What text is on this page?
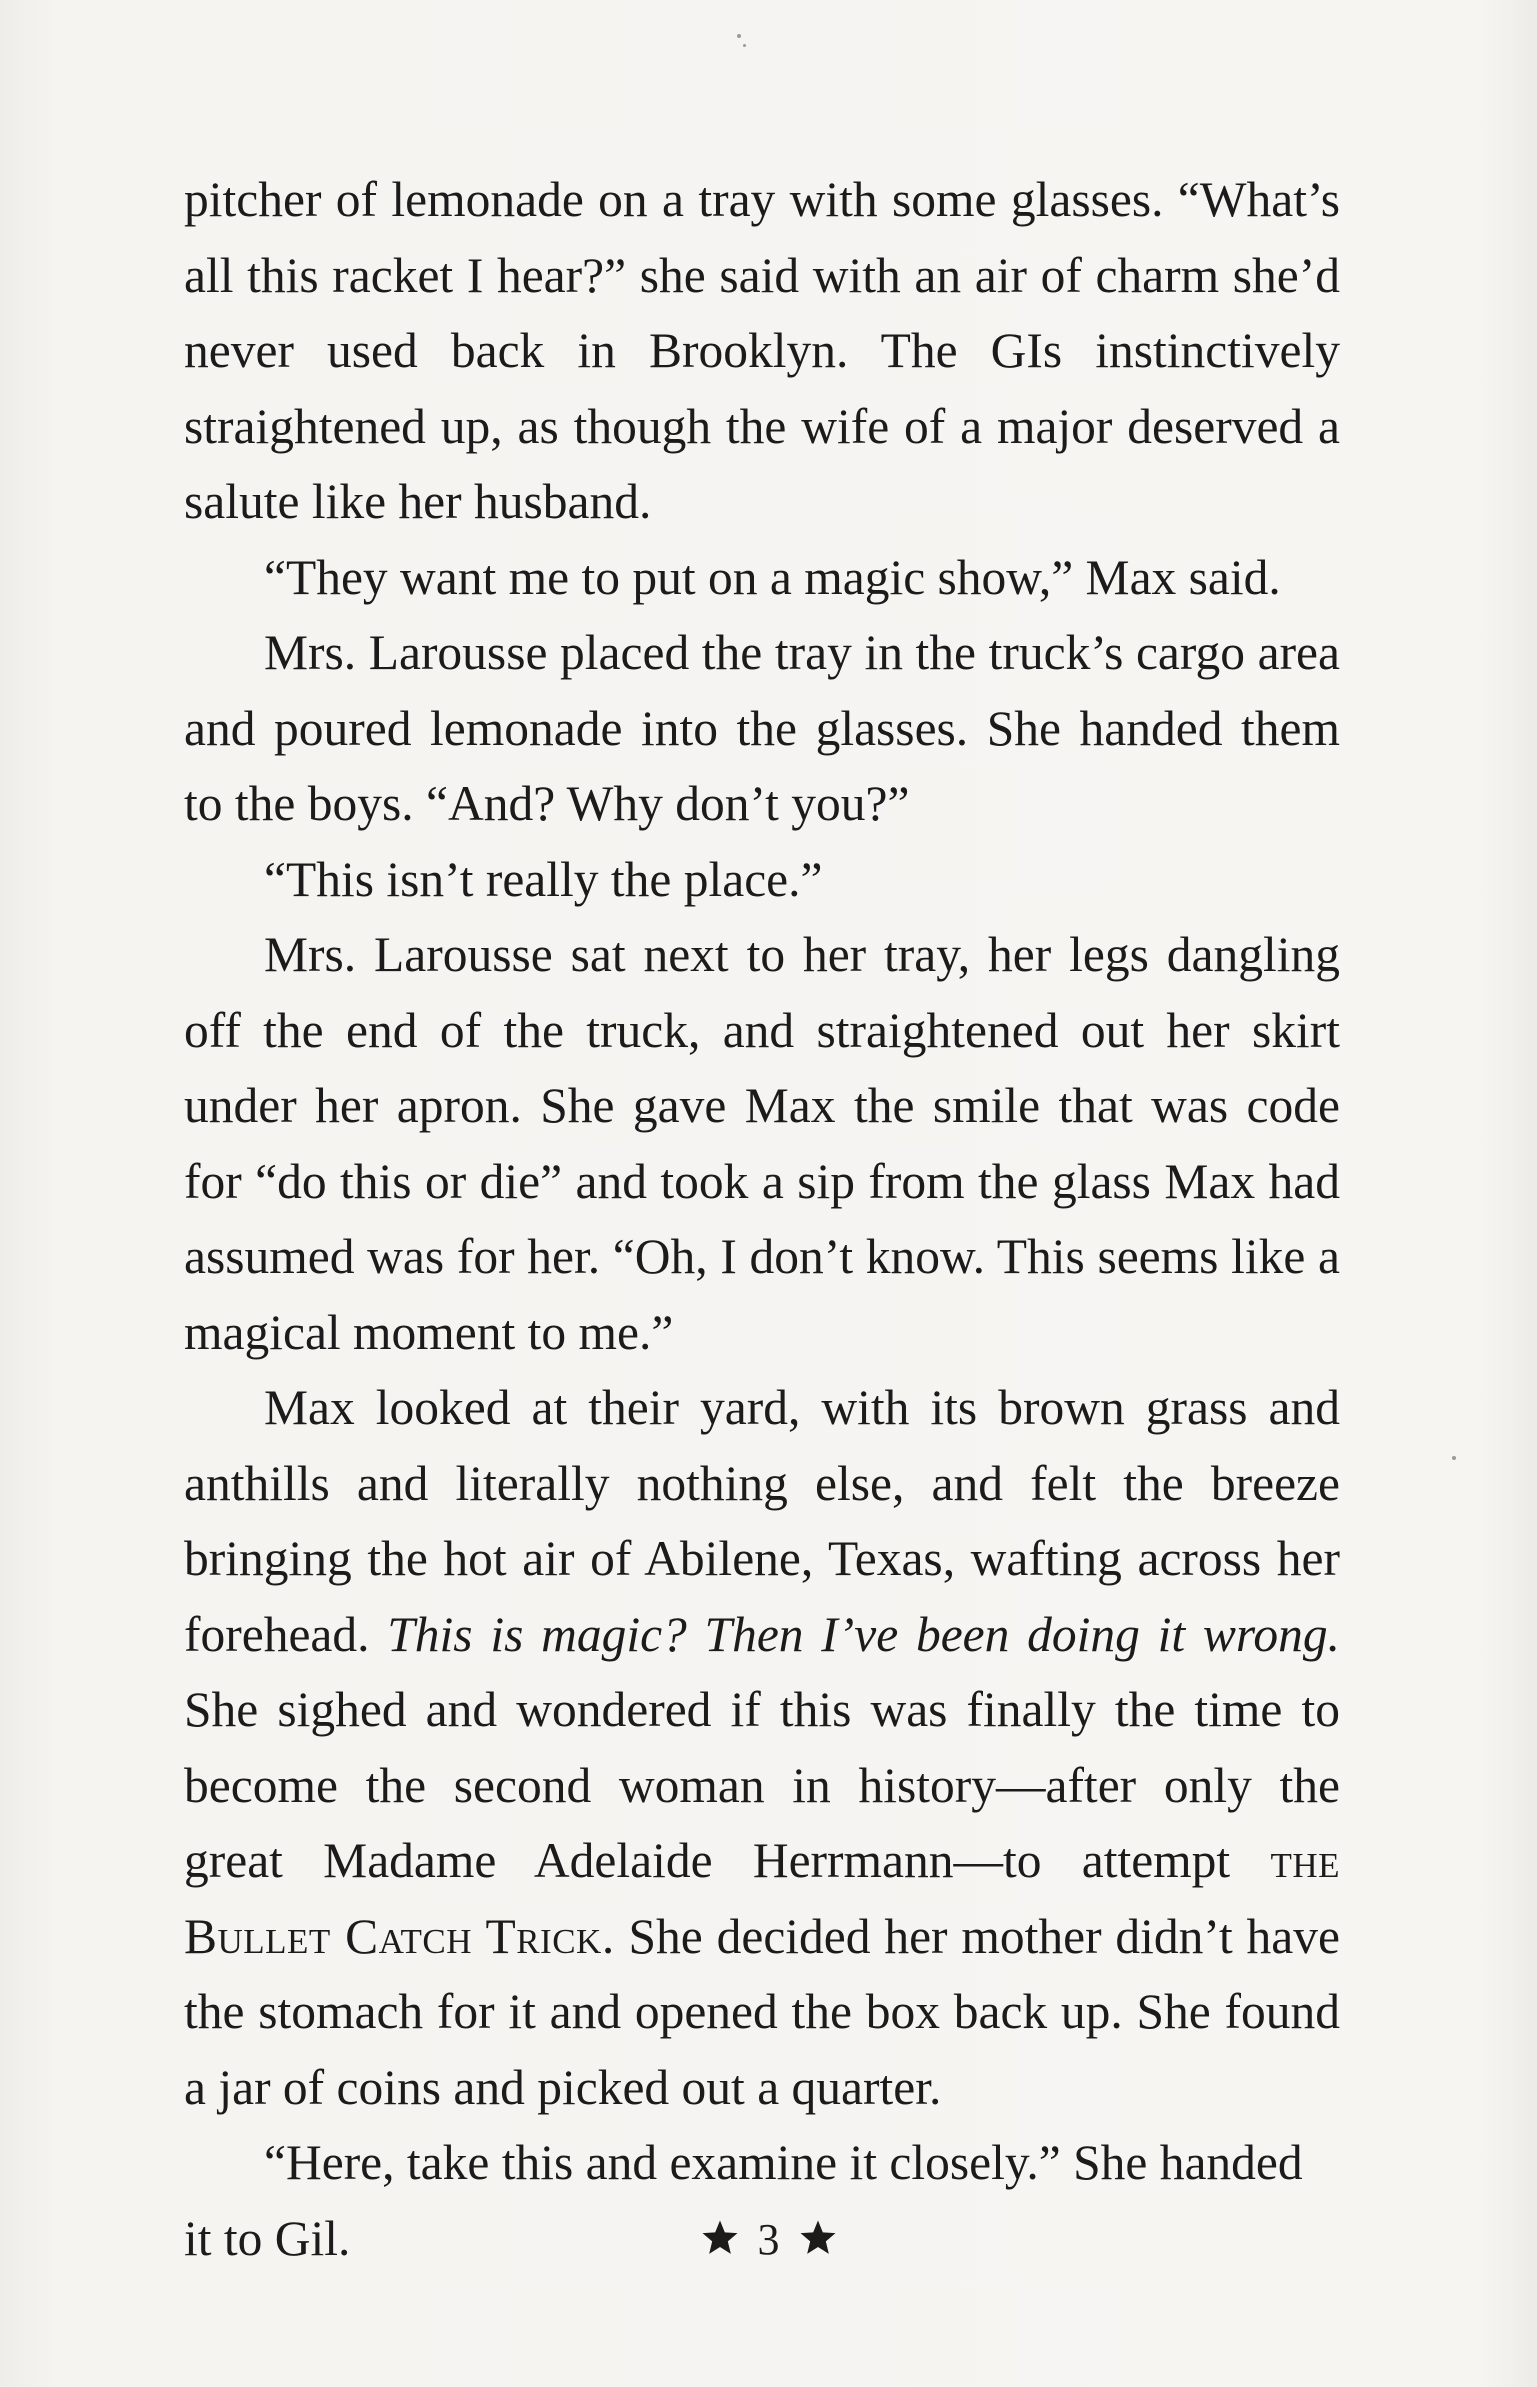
pitcher of lemonade on a tray with some glasses. “What’s all this racket I hear?” she said with an air of charm she’d never used back in Brooklyn. The GIs instinctively straightened up, as though the wife of a major deserved a salute like her husband.

“They want me to put on a magic show,” Max said.

Mrs. Larousse placed the tray in the truck’s cargo area and poured lemonade into the glasses. She handed them to the boys. “And? Why don’t you?”

“This isn’t really the place.”

Mrs. Larousse sat next to her tray, her legs dangling off the end of the truck, and straightened out her skirt under her apron. She gave Max the smile that was code for “do this or die” and took a sip from the glass Max had assumed was for her. “Oh, I don’t know. This seems like a magical moment to me.”

Max looked at their yard, with its brown grass and anthills and literally nothing else, and felt the breeze bringing the hot air of Abilene, Texas, wafting across her forehead. This is magic? Then I’ve been doing it wrong. She sighed and wondered if this was finally the time to become the second woman in history—after only the great Madame Adelaide Herrmann—to attempt the Bullet Catch Trick. She decided her mother didn’t have the stomach for it and opened the box back up. She found a jar of coins and picked out a quarter.

“Here, take this and examine it closely.” She handed it to Gil.	3
